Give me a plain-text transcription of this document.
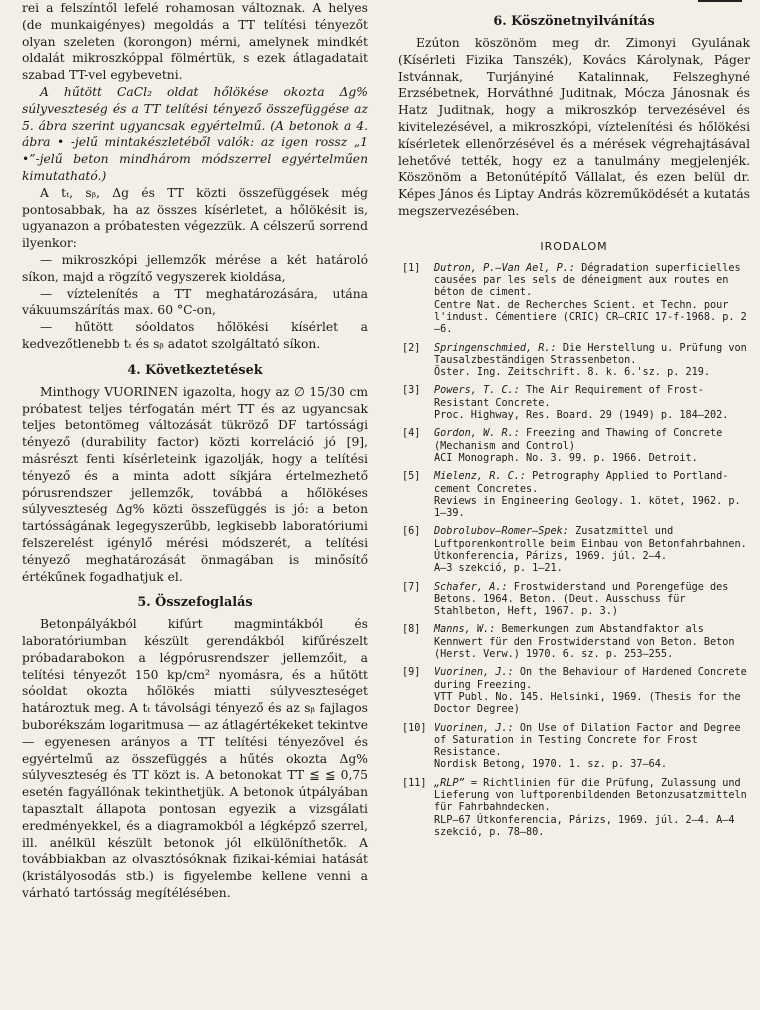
rei a felszíntől lefelé rohamosan változnak. A helyes (de munkaigényes) megoldás a TT telítési tényezőt olyan szeleten (korongon) mérni, amelynek mindkét oldalát mikroszkóppal fölmértük, s ezek átlagadatait szabad TT-vel egybevetni.

A hűtött CaCl₂ oldat hőlökése okozta Δg% súlyveszteség és a TT telítési tényező összefüggése az 5. ábra szerint ugyancsak egyértelmű. (A betonok a 4. ábra • -jelű mintakészletéből valók: az igen rossz „1 •”-jelű beton mindhárom módszerrel egyértelműen kimutatható.)

A tₜ, sᵦ, Δg és TT közti összefüggések még pontosabbak, ha az összes kísérletet, a hőlökésit is, ugyanazon a próbatesten végezzük. A célszerű sorrend ilyenkor:

— mikroszkópi jellemzők mérése a két határoló síkon, majd a rögzítő vegyszerek kioldása,

— víztelenítés a TT meghatározására, utána vákuumszárítás max. 60 °C-on,

— hűtött sóoldatos hőlökési kísérlet a kedvezőtlenebb tₜ és sᵦ adatot szolgáltató síkon.

4. Következtetések

Minthogy VUORINEN igazolta, hogy az ∅ 15/30 cm próbatest teljes térfogatán mért TT és az ugyancsak teljes betontömeg változását tükröző DF tartóssági tényező (durability factor) közti korreláció jó [9], másrészt fenti kísérleteink igazolják, hogy a telítési tényező és a minta adott síkjára értelmezhető pórusrendszer jellemzők, továbbá a hőlökéses súlyveszteség Δg% közti összefüggés is jó: a beton tartósságának legegyszerűbb, legkisebb laboratóriumi felszerelést igénylő mérési módszerét, a telítési tényező meghatározását önmagában is minősítő értékűnek fogadhatjuk el.

5. Összefoglalás

Betonpályákból kifúrt magmintákból és laboratóriumban készült gerendákból kifűrészelt próbadarabokon a légpórusrendszer jellemzőit, a telítési tényezőt 150 kp/cm² nyomásra, és a hűtött sóoldat okozta hőlökés miatti súlyveszteséget határoztuk meg. A tₜ távolsági tényező és az sᵦ fajlagos buborékszám logaritmusa — az átlagértékeket tekintve — egyenesen arányos a TT telítési tényezővel és egyértelmű az összefüggés a hűtés okozta Δg% súlyveszteség és TT közt is. A betonokat TT ≦ ≦ 0,75 esetén fagyállónak tekinthetjük. A betonok útpályában tapasztalt állapota pontosan egyezik a vizsgálati eredményekkel, és a diagramokból a légképző szerrel, ill. anélkül készült betonok jól elkülöníthetők. A továbbiakban az olvasztósóknak fizikai-kémiai hatását (kristályosodás stb.) is figyelembe kellene venni a várható tartósság megítélésében.

6. Köszönetnyilvánítás

Ezúton köszönöm meg dr. Zimonyi Gyulának (Kísérleti Fizika Tanszék), Kovács Károlynak, Páger Istvánnak, Turjányiné Katalinnak, Felszeghyné Erzsébetnek, Horváthné Juditnak, Mócza Jánosnak és Hatz Juditnak, hogy a mikroszkóp tervezésével és kivitelezésével, a mikroszkópi, víztelenítési és hőlökési kísérletek ellenőrzésével és a mérések végrehajtásával lehetővé tették, hogy ez a tanulmány megjelenjék. Köszönöm a Betonútépítő Vállalat, és ezen belül dr. Képes János és Liptay András közreműködését a kutatás megszervezésében.

IRODALOM
[1]	Dutron, P.—Van Ael, P.: Dégradation superficielles causées par les sels de déneigment aux routes en béton de ciment.
Centre Nat. de Recherches Scient. et Techn. pour l'indust. Cémentiere (CRIC) CR—CRIC 17-f-1968. p. 2—6.
[2]	Springenschmied, R.: Die Herstellung u. Prüfung von Tausalzbeständigen Strassenbeton.
Öster. Ing. Zeitschrift. 8. k. 6.'sz. p. 219.
[3]	Powers, T. C.: The Air Requirement of Frost-Resistant Concrete.
Proc. Highway, Res. Board. 29 (1949) p. 184—202.
[4]	Gordon, W. R.: Freezing and Thawing of Concrete (Mechanism and Control)
ACI Monograph. No. 3. 99. p. 1966. Detroit.
[5]	Mielenz, R. C.: Petrography Applied to Portland-cement Concretes.
Reviews in Engineering Geology. 1. kötet, 1962. p. 1—39.
[6]	Dobrolubov—Romer—Spek: Zusatzmittel und Luftporenkontrolle beim Einbau von Betonfahrbahnen.
Útkonferencia, Párizs, 1969. júl. 2—4.
A—3 szekció, p. 1—21.
[7]	Schafer, A.: Frostwiderstand und Porengefüge des Betons. 1964. Beton. (Deut. Ausschuss für Stahlbeton, Heft, 1967. p. 3.)
[8]	Manns, W.: Bemerkungen zum Abstandfaktor als Kennwert für den Frostwiderstand von Beton. Beton (Herst. Verw.) 1970. 6. sz. p. 253—255.
[9]	Vuorinen, J.: On the Behaviour of Hardened Concrete during Freezing.
VTT Publ. No. 145. Helsinki, 1969. (Thesis for the Doctor Degree)
[10] Vuorinen, J.: On Use of Dilation Factor and Degree of Saturation in Testing Concrete for Frost Resistance.
Nordisk Betong, 1970. 1. sz. p. 37—64.
[11] „RLP” = Richtlinien für die Prüfung, Zulassung und Lieferung von luftporenbildenden Betonzusatzmitteln für Fahrbahndecken.
RLP—67 Útkonferencia, Párizs, 1969. júl. 2—4. A—4 szekció, p. 78—80.
